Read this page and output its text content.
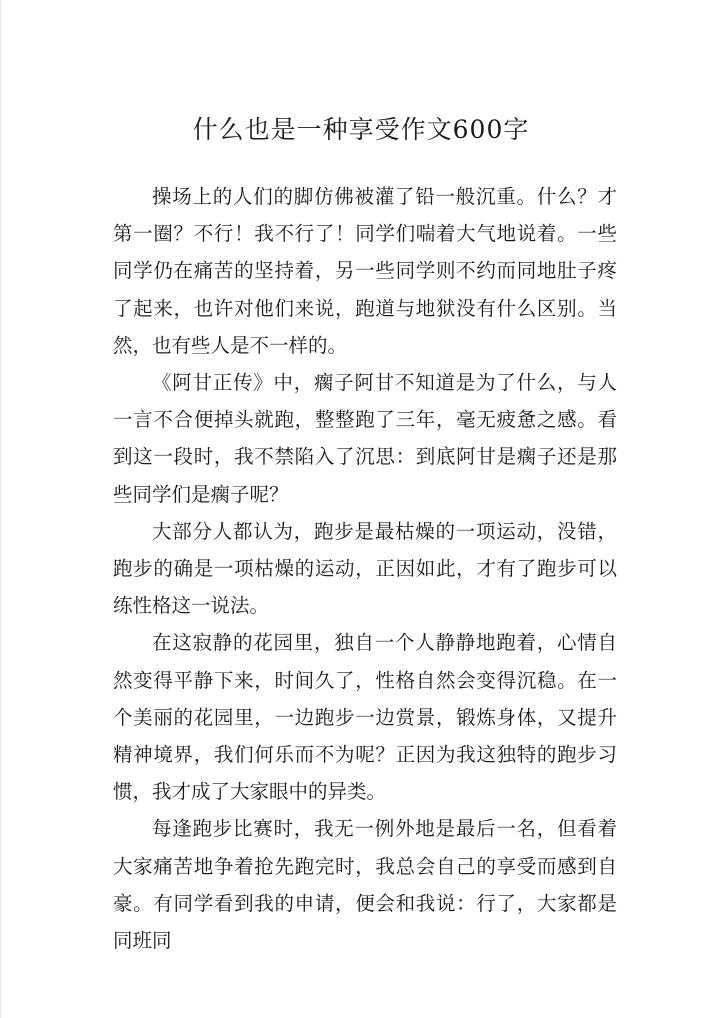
什么也是一种享受作文600字

操场上的人们的脚仿佛被灌了铅一般沉重。什么？才第一圈？不行！我不行了！同学们喘着大气地说着。一些同学仍在痛苦的坚持着，另一些同学则不约而同地肚子疼了起来，也许对他们来说，跑道与地狱没有什么区别。当然，也有些人是不一样的。

《阿甘正传》中，瘸子阿甘不知道是为了什么，与人一言不合便掉头就跑，整整跑了三年，毫无疲惫之感。看到这一段时，我不禁陷入了沉思：到底阿甘是瘸子还是那些同学们是瘸子呢？

大部分人都认为，跑步是最枯燥的一项运动，没错，跑步的确是一项枯燥的运动，正因如此，才有了跑步可以练性格这一说法。

在这寂静的花园里，独自一个人静静地跑着，心情自然变得平静下来，时间久了，性格自然会变得沉稳。在一个美丽的花园里，一边跑步一边赏景，锻炼身体，又提升精神境界，我们何乐而不为呢？正因为我这独特的跑步习惯，我才成了大家眼中的异类。

每逢跑步比赛时，我无一例外地是最后一名，但看着大家痛苦地争着抢先跑完时，我总会自己的享受而感到自豪。有同学看到我的申请，便会和我说：行了，大家都是同班同
